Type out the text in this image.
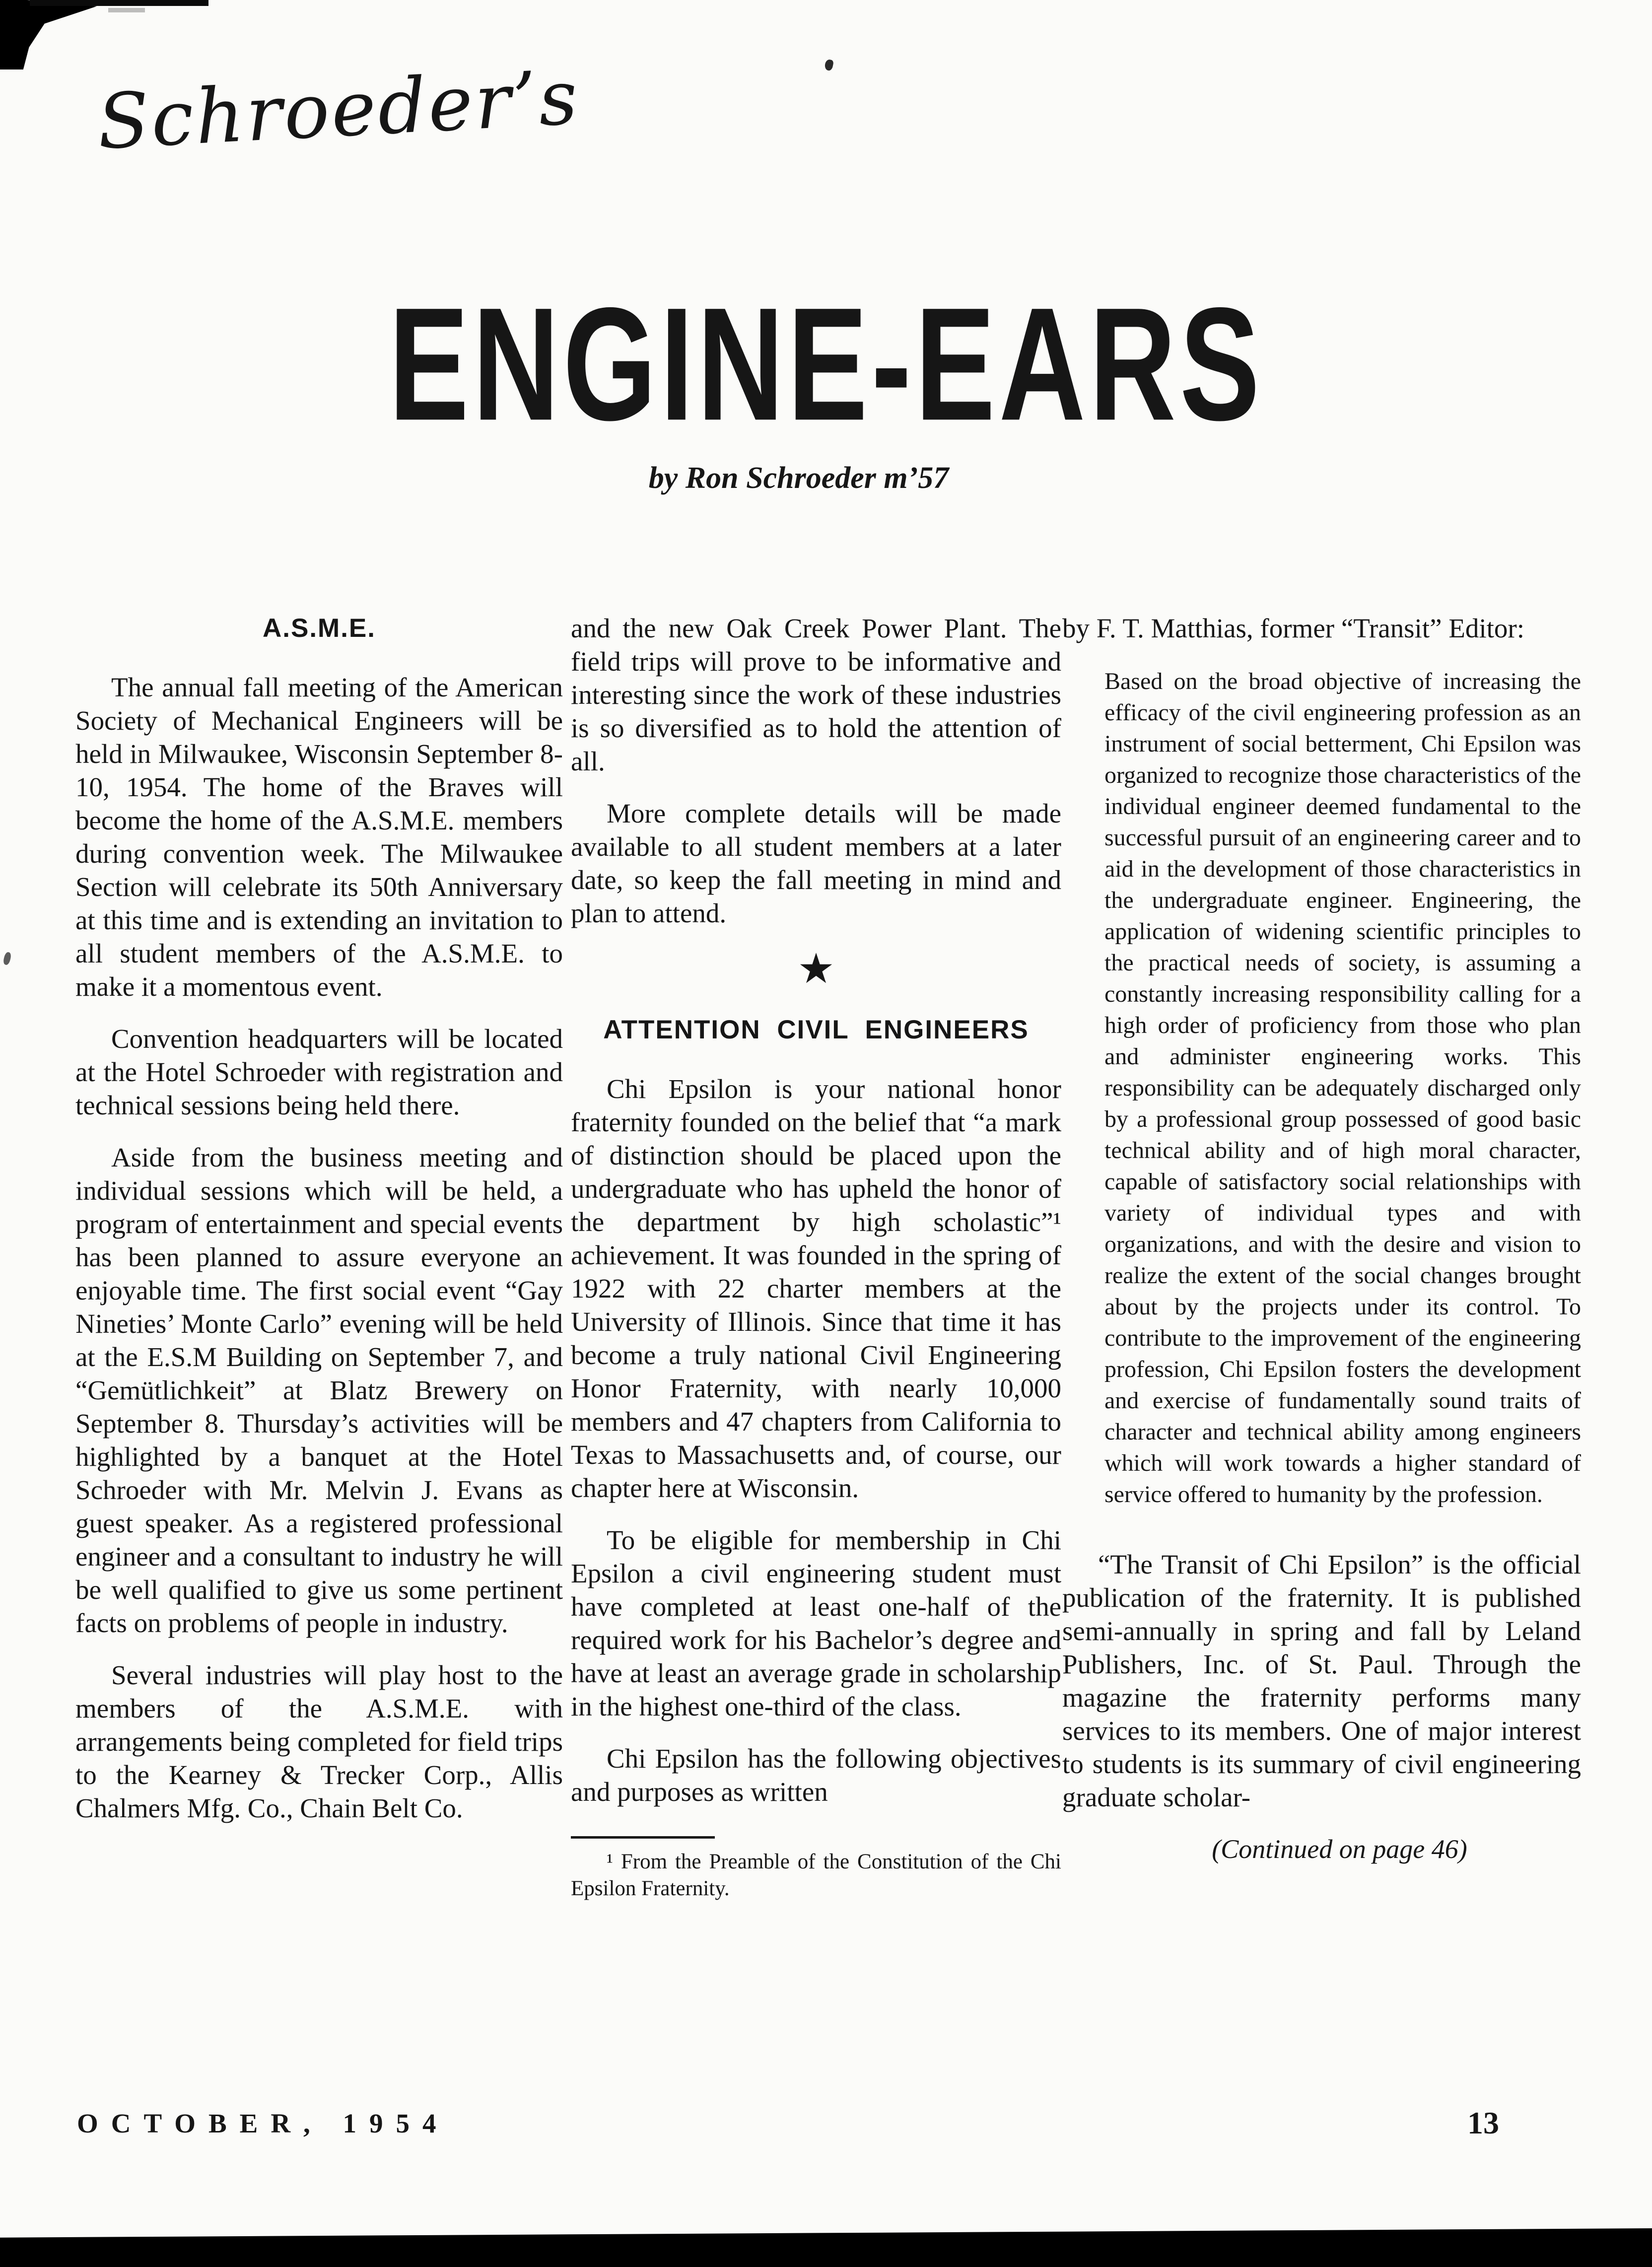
Schroeder’s
ENGINE-EARS
by Ron Schroeder m’57
A.S.M.E.

The annual fall meeting of the American Society of Mechanical Engineers will be held in Milwaukee, Wisconsin September 8-10, 1954. The home of the Braves will become the home of the A.S.M.E. members during convention week. The Milwaukee Section will celebrate its 50th Anniversary at this time and is extending an invitation to all student members of the A.S.M.E. to make it a momentous event.

Convention headquarters will be located at the Hotel Schroeder with registration and technical sessions being held there.

Aside from the business meeting and individual sessions which will be held, a program of entertainment and special events has been planned to assure everyone an enjoyable time. The first social event “Gay Nineties’ Monte Carlo” evening will be held at the E.S.M Building on September 7, and “Gemütlichkeit” at Blatz Brewery on September 8. Thursday’s activities will be highlighted by a banquet at the Hotel Schroeder with Mr. Melvin J. Evans as guest speaker. As a registered professional engineer and a consultant to industry he will be well qualified to give us some pertinent facts on problems of people in industry.

Several industries will play host to the members of the A.S.M.E. with arrangements being completed for field trips to the Kearney & Trecker Corp., Allis Chalmers Mfg. Co., Chain Belt Co.

and the new Oak Creek Power Plant. The field trips will prove to be informative and interesting since the work of these industries is so diversified as to hold the attention of all.

More complete details will be made available to all student members at a later date, so keep the fall meeting in mind and plan to attend.

★
ATTENTION CIVIL ENGINEERS

Chi Epsilon is your national honor fraternity founded on the belief that “a mark of distinction should be placed upon the undergraduate who has upheld the honor of the department by high scholastic”¹ achievement. It was founded in the spring of 1922 with 22 charter members at the University of Illinois. Since that time it has become a truly national Civil Engineering Honor Fraternity, with nearly 10,000 members and 47 chapters from California to Texas to Massachusetts and, of course, our chapter here at Wisconsin.

To be eligible for membership in Chi Epsilon a civil engineering student must have completed at least one-half of the required work for his Bachelor’s degree and have at least an average grade in scholarship in the highest one-third of the class.

Chi Epsilon has the following objectives and purposes as written

¹ From the Preamble of the Constitution of the Chi Epsilon Fraternity.

by F. T. Matthias, former “Transit” Editor:

Based on the broad objective of increasing the efficacy of the civil engineering profession as an instrument of social betterment, Chi Epsilon was organized to recognize those characteristics of the individual engineer deemed fundamental to the successful pursuit of an engineering career and to aid in the development of those characteristics in the undergraduate engineer. Engineering, the application of widening scientific principles to the practical needs of society, is assuming a constantly increasing responsibility calling for a high order of proficiency from those who plan and administer engineering works. This responsibility can be adequately discharged only by a professional group possessed of good basic technical ability and of high moral character, capable of satisfactory social relationships with variety of individual types and with organizations, and with the desire and vision to realize the extent of the social changes brought about by the projects under its control. To contribute to the improvement of the engineering profession, Chi Epsilon fosters the development and exercise of fundamentally sound traits of character and technical ability among engineers which will work towards a higher standard of service offered to humanity by the profession.

“The Transit of Chi Epsilon” is the official publication of the fraternity. It is published semi-annually in spring and fall by Leland Publishers, Inc. of St. Paul. Through the magazine the fraternity performs many services to its members. One of major interest to students is its summary of civil engineering graduate scholar-

(Continued on page 46)

OCTOBER, 1954	13
